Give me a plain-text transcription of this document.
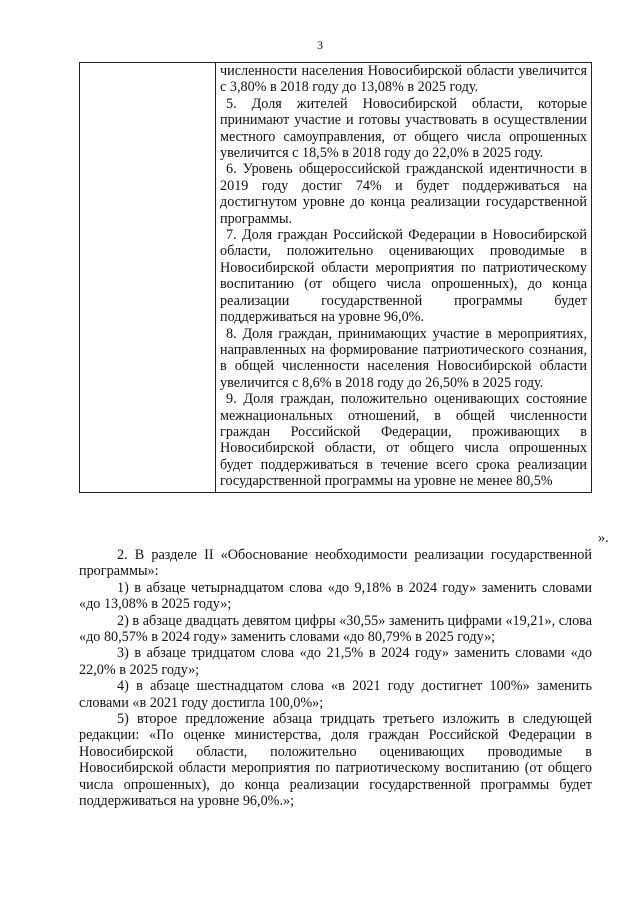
3

численности населения Новосибирской области увеличится с 3,80% в 2018 году до 13,08% в 2025 году.

5. Доля жителей Новосибирской области, которые принимают участие и готовы участвовать в осуществлении местного самоуправления, от общего числа опрошенных увеличится с 18,5% в 2018 году до 22,0% в 2025 году.

6. Уровень общероссийской гражданской идентичности в 2019 году достиг 74% и будет поддерживаться на достигнутом уровне до конца реализации государственной программы.

7. Доля граждан Российской Федерации в Новосибирской области, положительно оценивающих проводимые в Новосибирской области мероприятия по патриотическому воспитанию (от общего числа опрошенных), до конца реализации государственной программы будет поддерживаться на уровне 96,0%.

8. Доля граждан, принимающих участие в мероприятиях, направленных на формирование патриотического сознания, в общей численности населения Новосибирской области увеличится с 8,6% в 2018 году до 26,50% в 2025 году.

9. Доля граждан, положительно оценивающих состояние межнациональных отношений, в общей численности граждан Российской Федерации, проживающих в Новосибирской области, от общего числа опрошенных будет поддерживаться в течение всего срока реализации государственной программы на уровне не менее 80,5%

».

2. В разделе II «Обоснование необходимости реализации государственной программы»:

1) в абзаце четырнадцатом слова «до 9,18% в 2024 году» заменить словами «до 13,08% в 2025 году»;

2) в абзаце двадцать девятом цифры «30,55» заменить цифрами «19,21», слова «до 80,57% в 2024 году» заменить словами «до 80,79% в 2025 году»;

3) в абзаце тридцатом слова «до 21,5% в 2024 году» заменить словами «до 22,0% в 2025 году»;

4) в абзаце шестнадцатом слова «в 2021 году достигнет 100%» заменить словами «в 2021 году достигла 100,0%»;

5) второе предложение абзаца тридцать третьего изложить в следующей редакции: «По оценке министерства, доля граждан Российской Федерации в Новосибирской области, положительно оценивающих проводимые в Новосибирской области мероприятия по патриотическому воспитанию (от общего числа опрошенных), до конца реализации государственной программы будет поддерживаться на уровне 96,0%.»;
